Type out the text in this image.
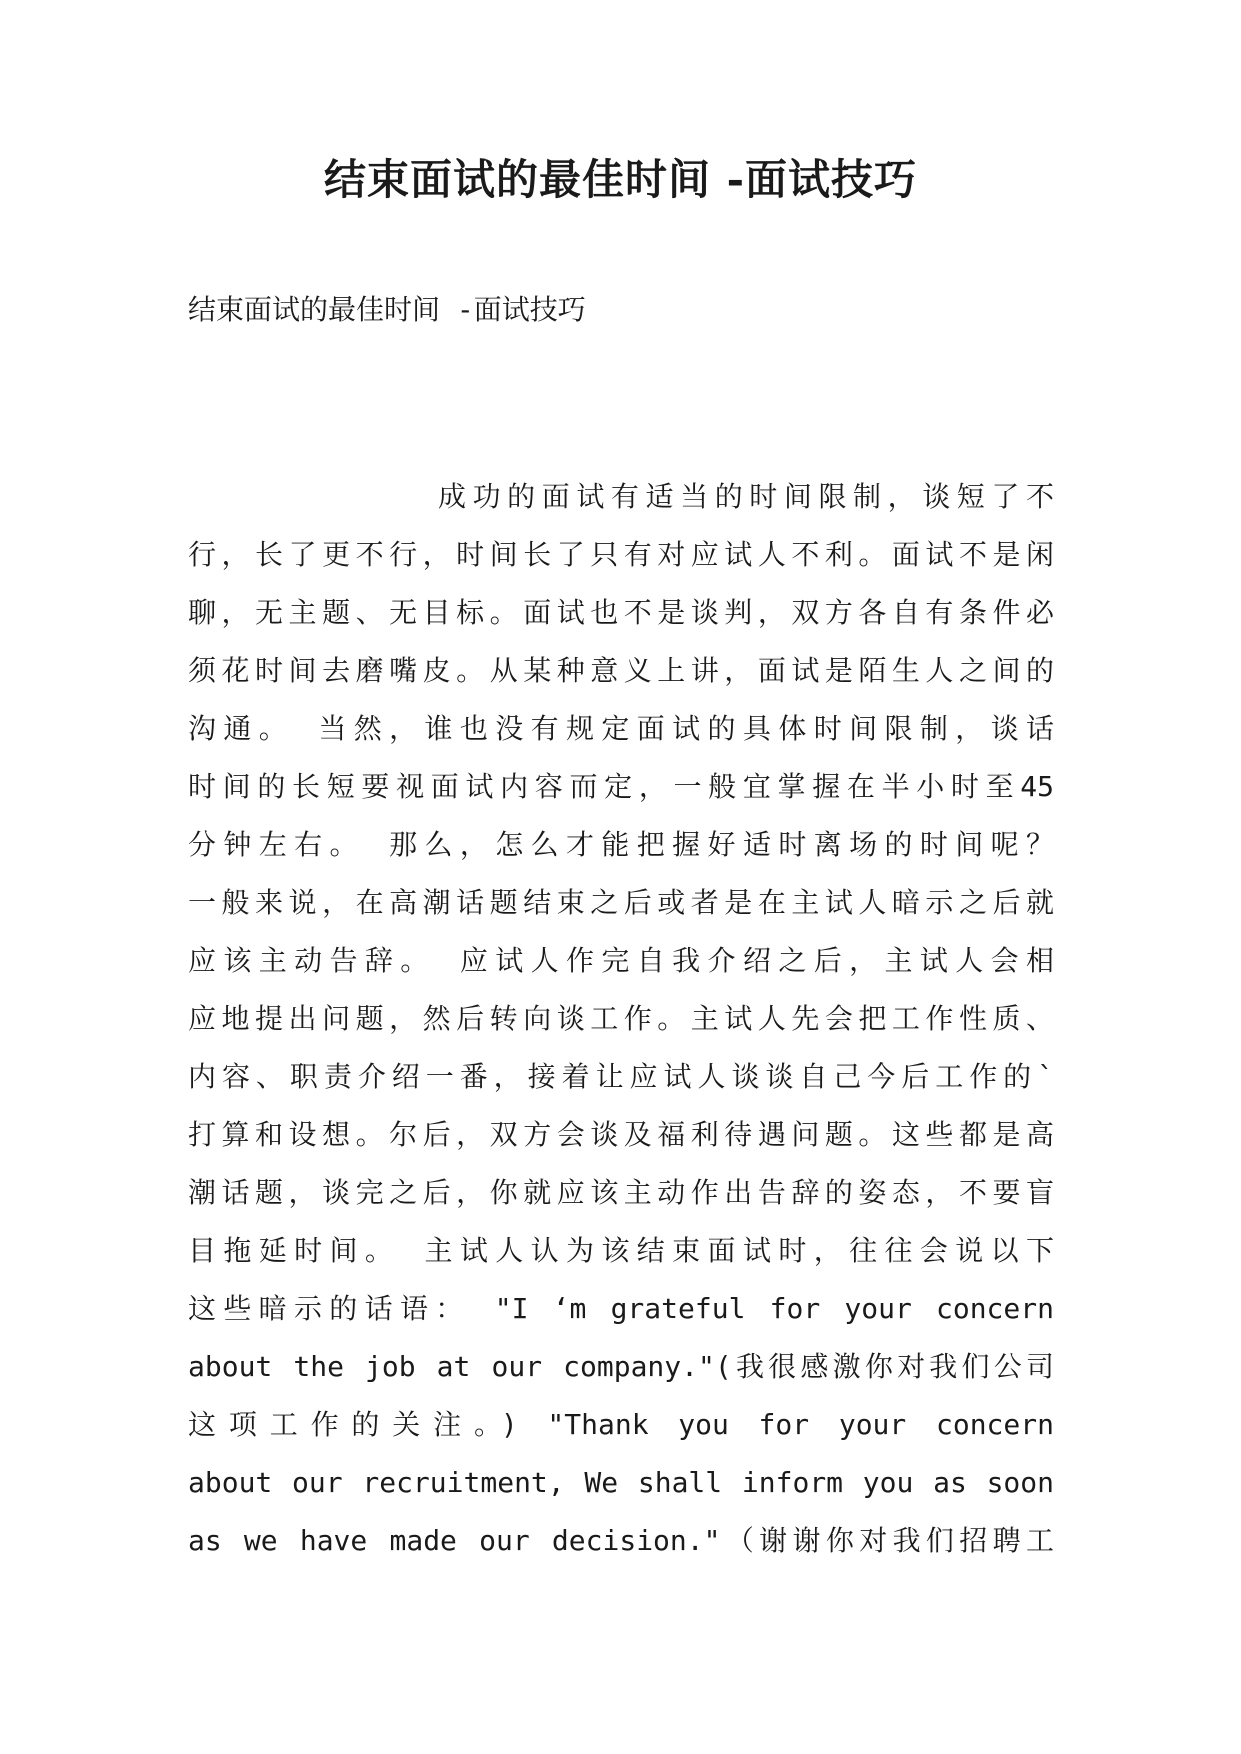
结束面试的最佳时间 -面试技巧

结束面试的最佳时间 -面试技巧

成功的面试有适当的时间限制，谈短了不
行，长了更不行，时间长了只有对应试人不利。面试不是闲
聊，无主题、无目标。面试也不是谈判，双方各自有条件必
须花时间去磨嘴皮。从某种意义上讲，面试是陌生人之间的
沟通。 当然，谁也没有规定面试的具体时间限制，谈话
时间的长短要视面试内容而定，一般宜掌握在半小时至45
分钟左右。 那么，怎么才能把握好适时离场的时间呢？
一般来说，在高潮话题结束之后或者是在主试人暗示之后就
应该主动告辞。 应试人作完自我介绍之后，主试人会相
应地提出问题，然后转向谈工作。主试人先会把工作性质、
内容、职责介绍一番，接着让应试人谈谈自己今后工作的`
打算和设想。尔后，双方会谈及福利待遇问题。这些都是高
潮话题，谈完之后，你就应该主动作出告辞的姿态，不要盲
目拖延时间。 主试人认为该结束面试时，往往会说以下
这些暗示的话语： "I ‘m grateful for your concern
about the job at our company."(我很感激你对我们公司
这项工作的关注。) "Thank you for your concern
about our recruitment, We shall inform you as soon
as we have made our decision."（谢谢你对我们招聘工
